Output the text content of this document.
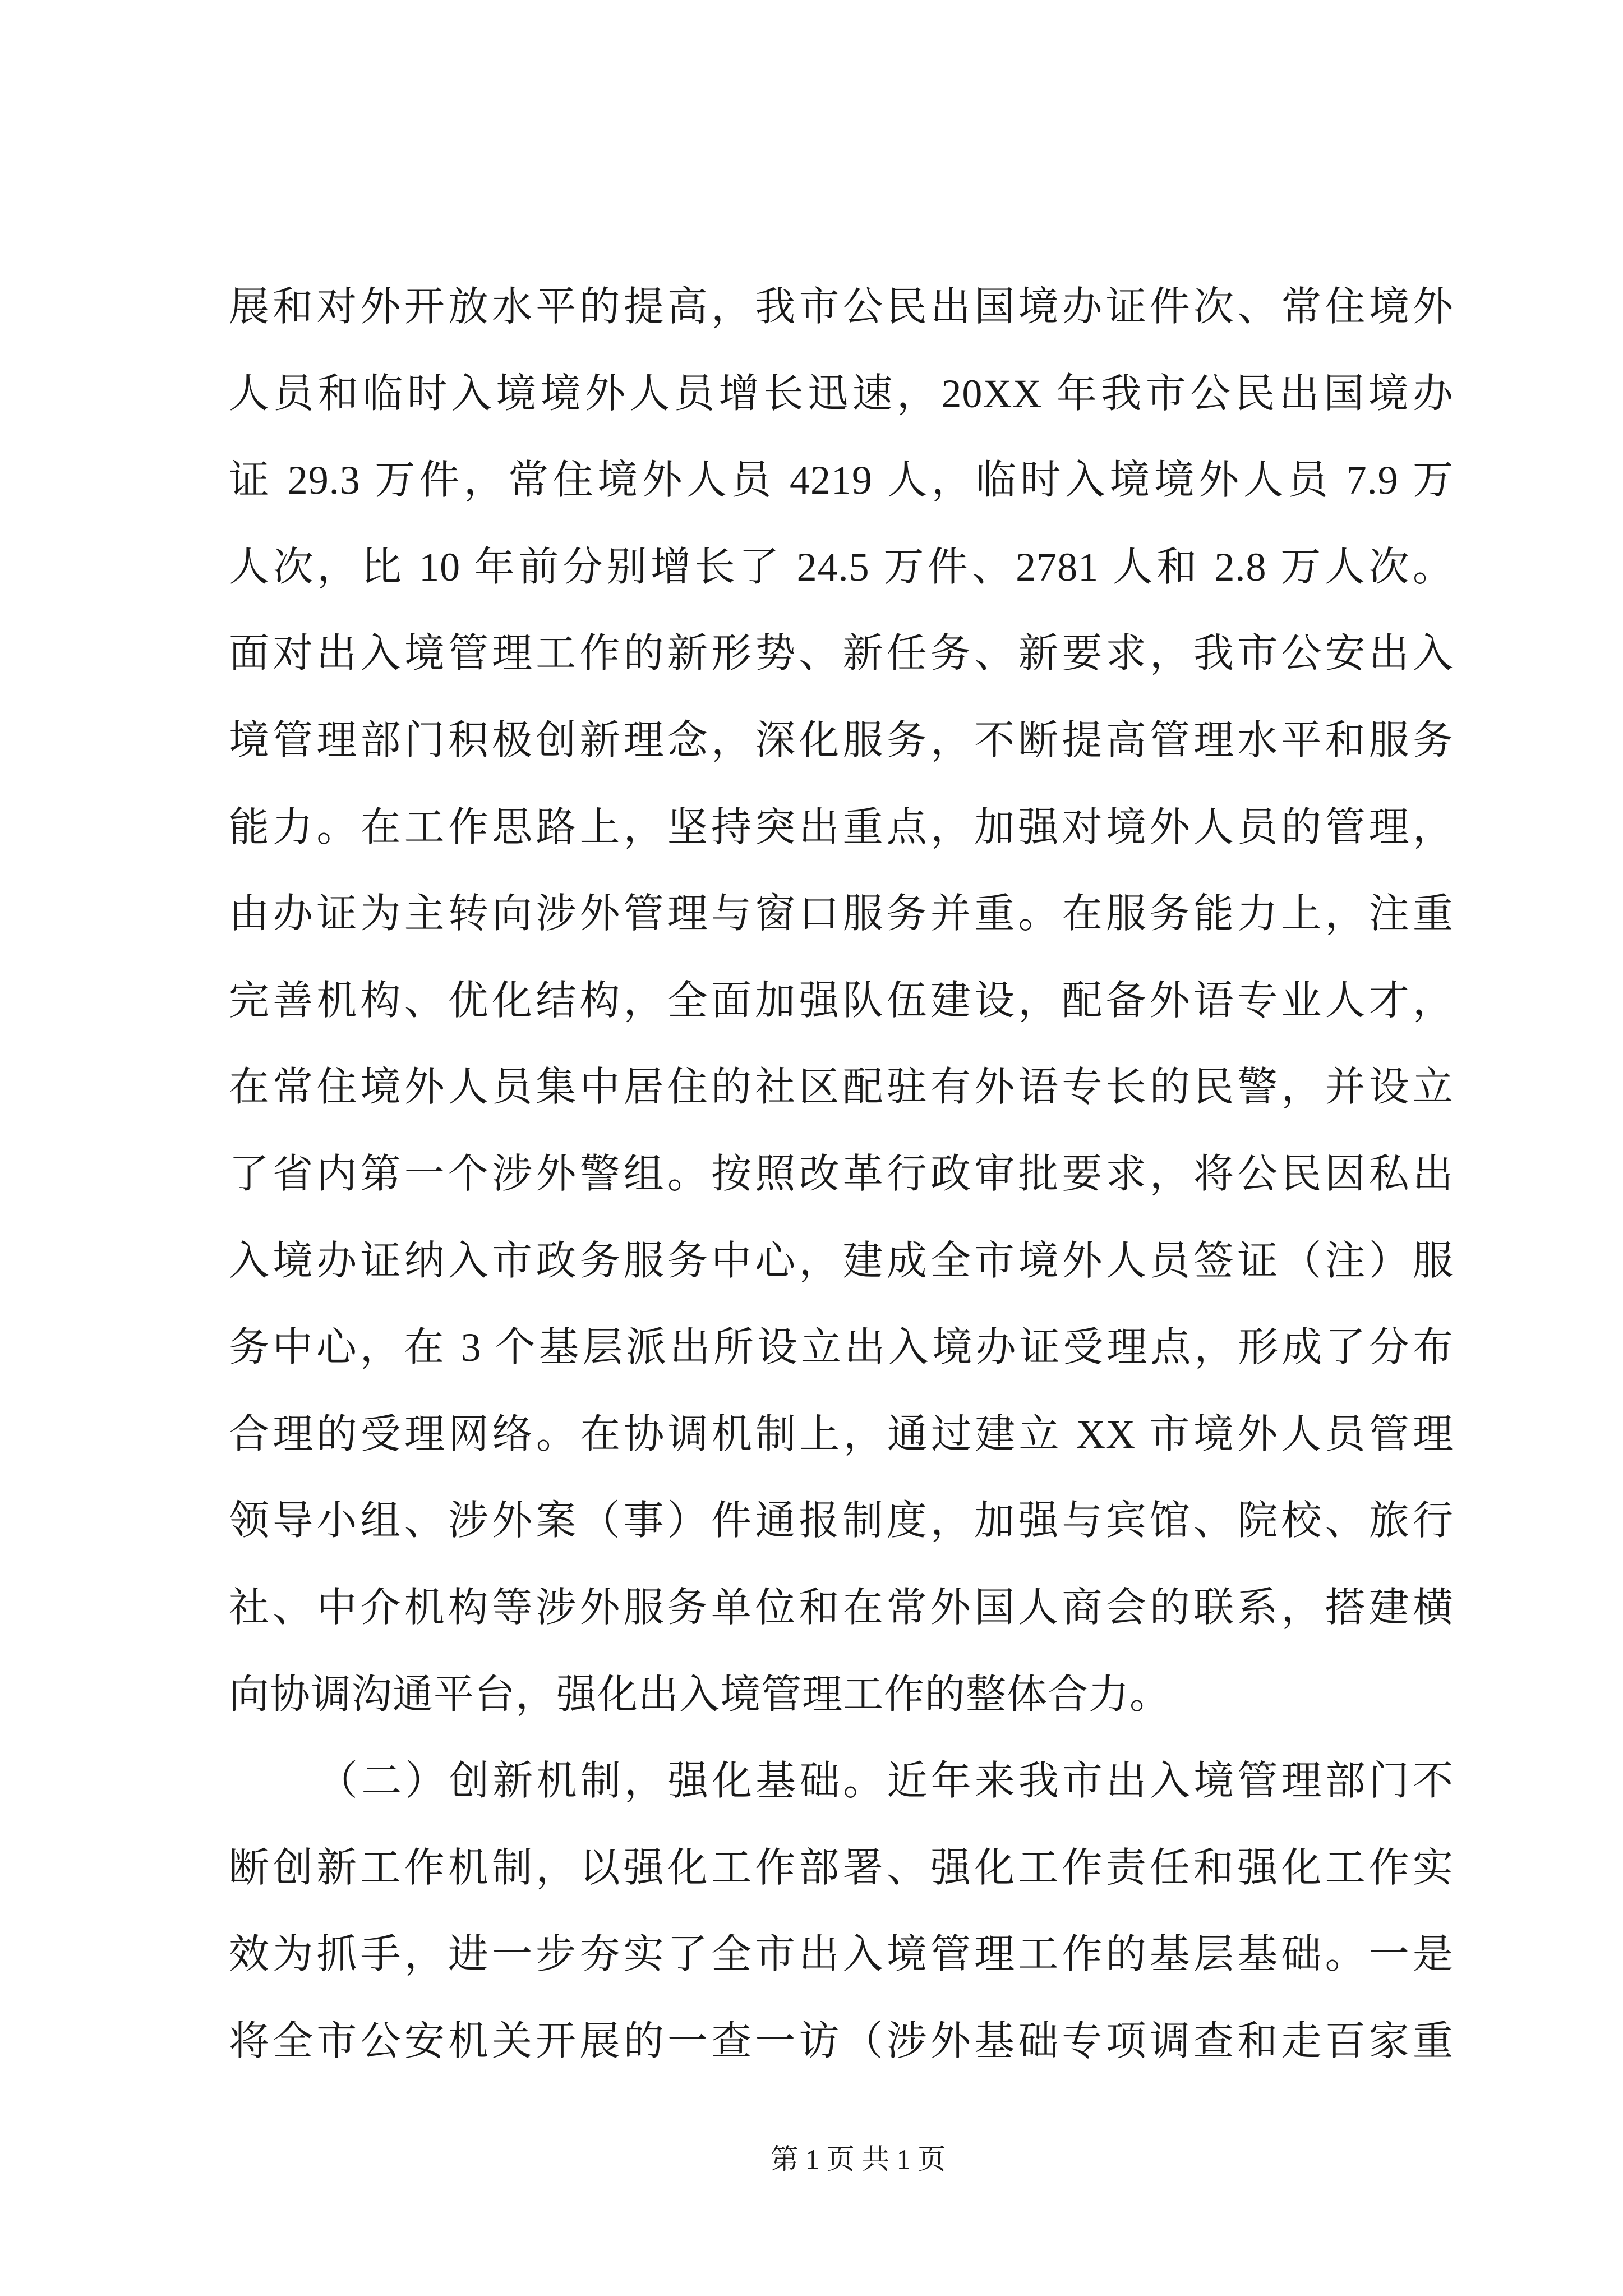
展和对外开放水平的提高，我市公民出国境办证件次、常住境外
人员和临时入境境外人员增长迅速，20XX 年我市公民出国境办
证 29.3 万件，常住境外人员 4219 人，临时入境境外人员 7.9 万
人次，比 10 年前分别增长了 24.5 万件、2781 人和 2.8 万人次。
面对出入境管理工作的新形势、新任务、新要求，我市公安出入
境管理部门积极创新理念，深化服务，不断提高管理水平和服务
能力。在工作思路上，坚持突出重点，加强对境外人员的管理，
由办证为主转向涉外管理与窗口服务并重。在服务能力上，注重
完善机构、优化结构，全面加强队伍建设，配备外语专业人才，
在常住境外人员集中居住的社区配驻有外语专长的民警，并设立
了省内第一个涉外警组。按照改革行政审批要求，将公民因私出
入境办证纳入市政务服务中心，建成全市境外人员签证（注）服
务中心，在 3 个基层派出所设立出入境办证受理点，形成了分布
合理的受理网络。在协调机制上，通过建立 XX 市境外人员管理
领导小组、涉外案（事）件通报制度，加强与宾馆、院校、旅行
社、中介机构等涉外服务单位和在常外国人商会的联系，搭建横
向协调沟通平台，强化出入境管理工作的整体合力。
（二）创新机制，强化基础。近年来我市出入境管理部门不
断创新工作机制，以强化工作部署、强化工作责任和强化工作实
效为抓手，进一步夯实了全市出入境管理工作的基层基础。一是
将全市公安机关开展的一查一访（涉外基础专项调查和走百家重
第 1 页 共 1 页
